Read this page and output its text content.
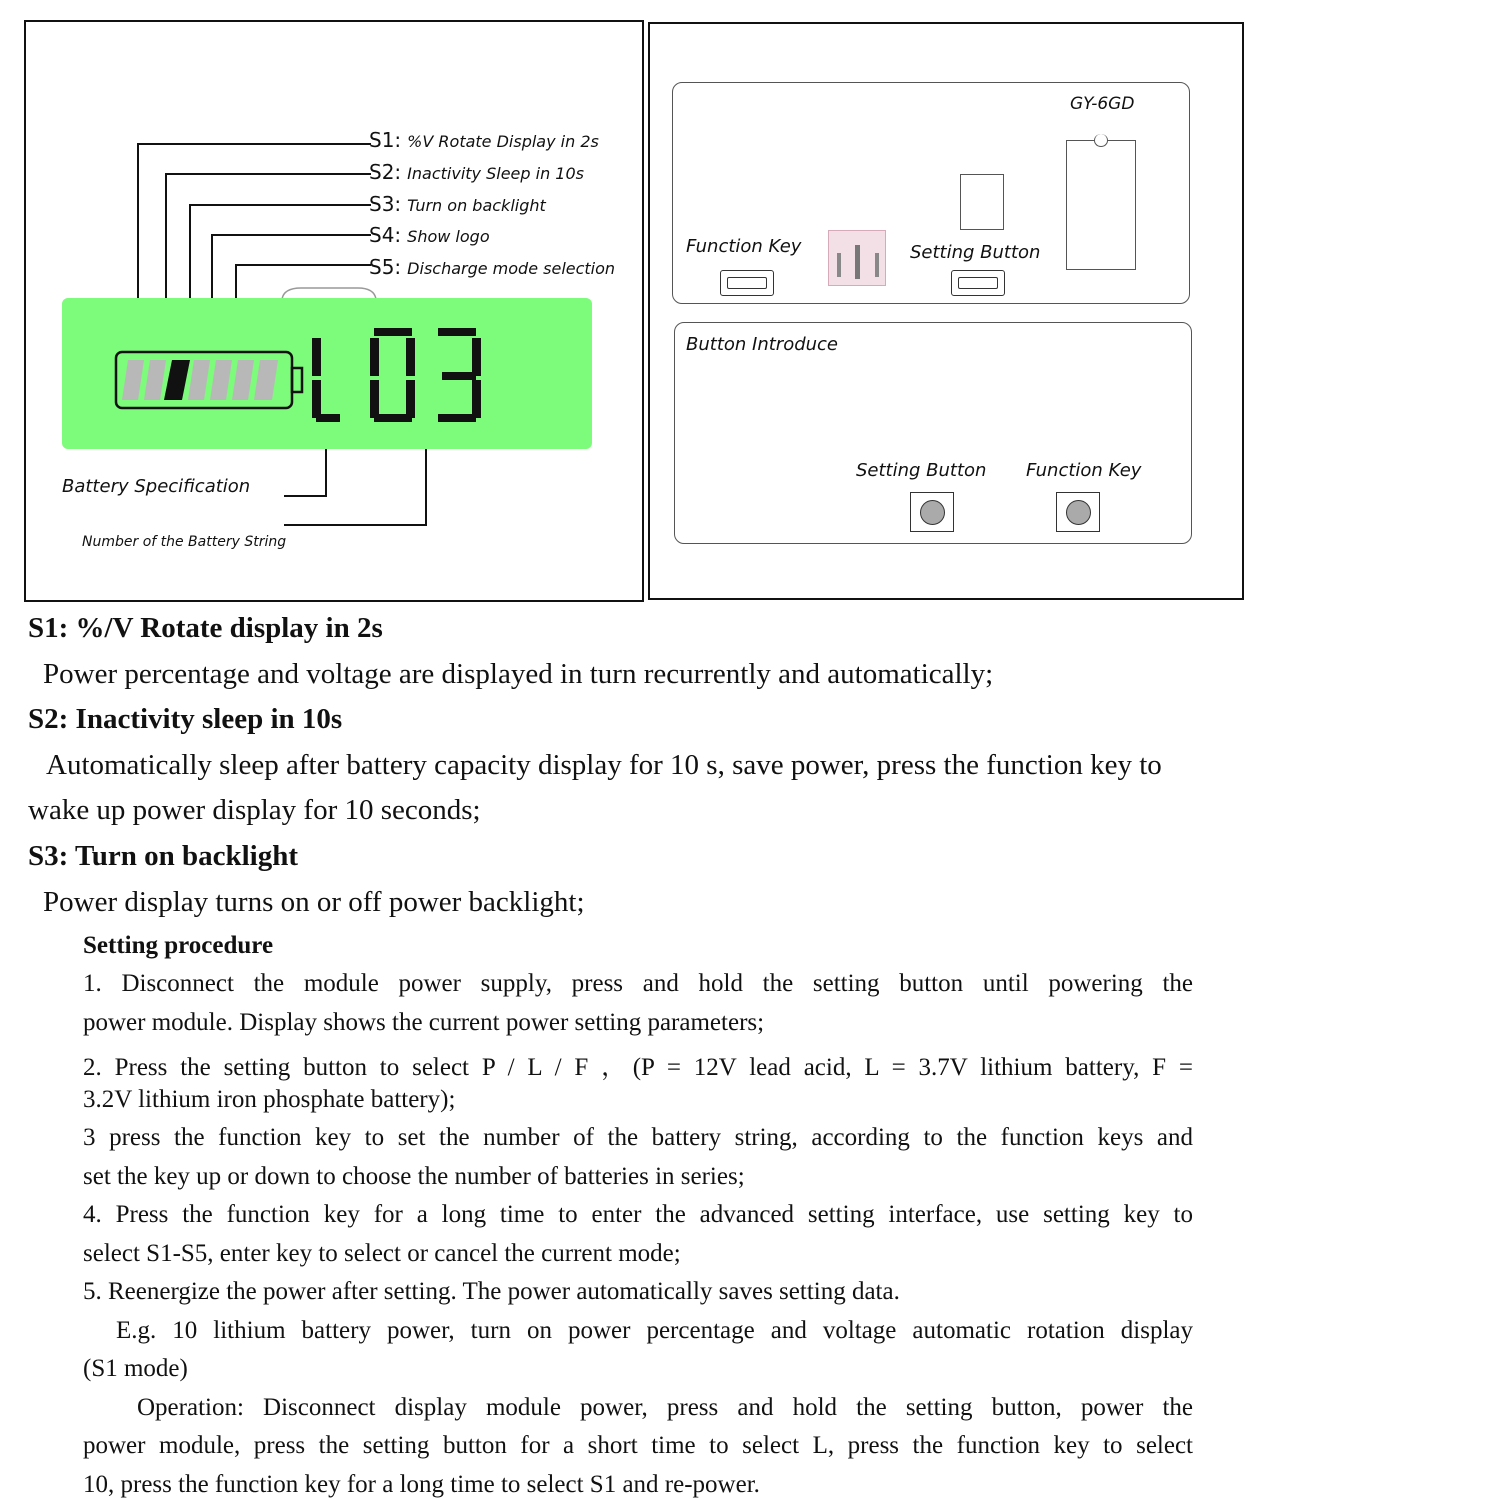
S1: %V Rotate Display in 2s
S2: Inactivity Sleep in 10s
S3: Turn on backlight
S4: Show logo
S5: Discharge mode selection
Battery Specification
Number of the Battery String
GY-6GD
Function Key	Setting Button
Button Introduce
Setting Button Function Key
S1: %/V Rotate display in 2s
Power percentage and voltage are displayed in turn recurrently and automatically;
S2: Inactivity sleep in 10s
Automatically sleep after battery capacity display for 10 s, save power, press the function key to
wake up power display for 10 seconds;
S3: Turn on backlight
Power display turns on or off power backlight;
Setting procedure
1. Disconnect the module power supply, press and hold the setting button until powering the
power module. Display shows the current power setting parameters;
2. Press the setting button to select P / L / F ，(P = 12V lead acid, L = 3.7V lithium battery, F =
3.2V lithium iron phosphate battery);
3 press the function key to set the number of the battery string, according to the function keys and
set the key up or down to choose the number of batteries in series;
4. Press the function key for a long time to enter the advanced setting interface, use setting key to
select S1-S5, enter key to select or cancel the current mode;
5. Reenergize the power after setting. The power automatically saves setting data.
E.g. 10 lithium battery power, turn on power percentage and voltage automatic rotation display
(S1 mode)
Operation: Disconnect display module power, press and hold the setting button, power the
power module, press the setting button for a short time to select L, press the function key to select
10, press the function key for a long time to select S1 and re-power.
